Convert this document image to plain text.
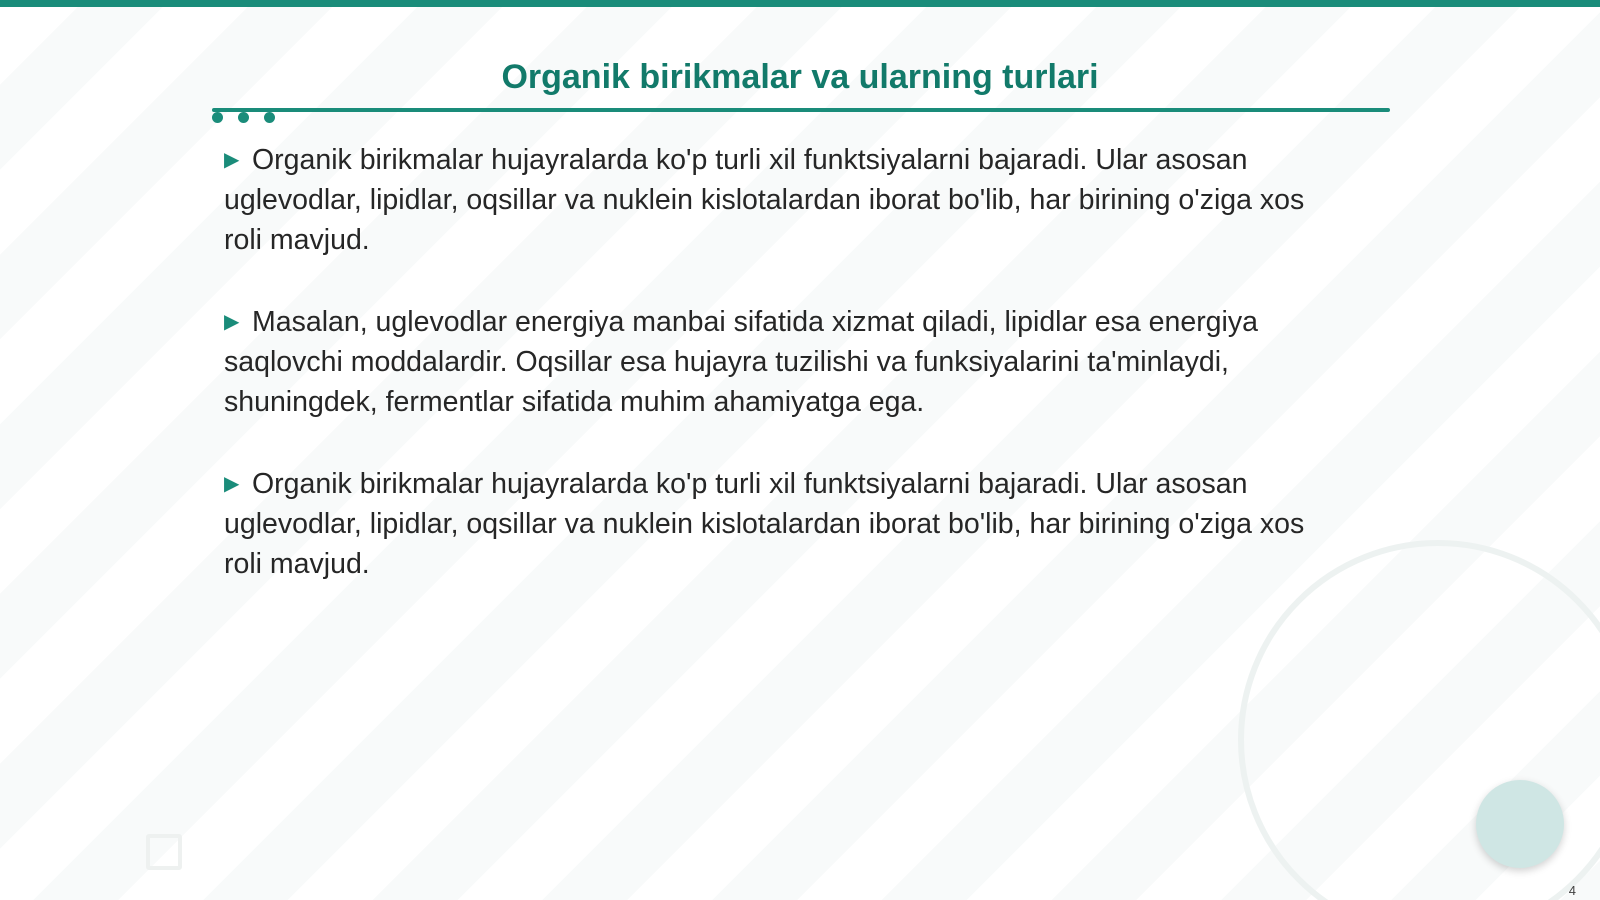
Organik birikmalar va ularning turlari

▶ Organik birikmalar hujayralarda ko'p turli xil funktsiyalarni bajaradi. Ular asosan uglevodlar, lipidlar, oqsillar va nuklein kislotalardan iborat bo'lib, har birining o'ziga xos roli mavjud.

▶ Masalan, uglevodlar energiya manbai sifatida xizmat qiladi, lipidlar esa energiya saqlovchi moddalardir. Oqsillar esa hujayra tuzilishi va funksiyalarini ta'minlaydi, shuningdek, fermentlar sifatida muhim ahamiyatga ega.

▶ Organik birikmalar hujayralarda ko'p turli xil funktsiyalarni bajaradi. Ular asosan uglevodlar, lipidlar, oqsillar va nuklein kislotalardan iborat bo'lib, har birining o'ziga xos roli mavjud.

4
